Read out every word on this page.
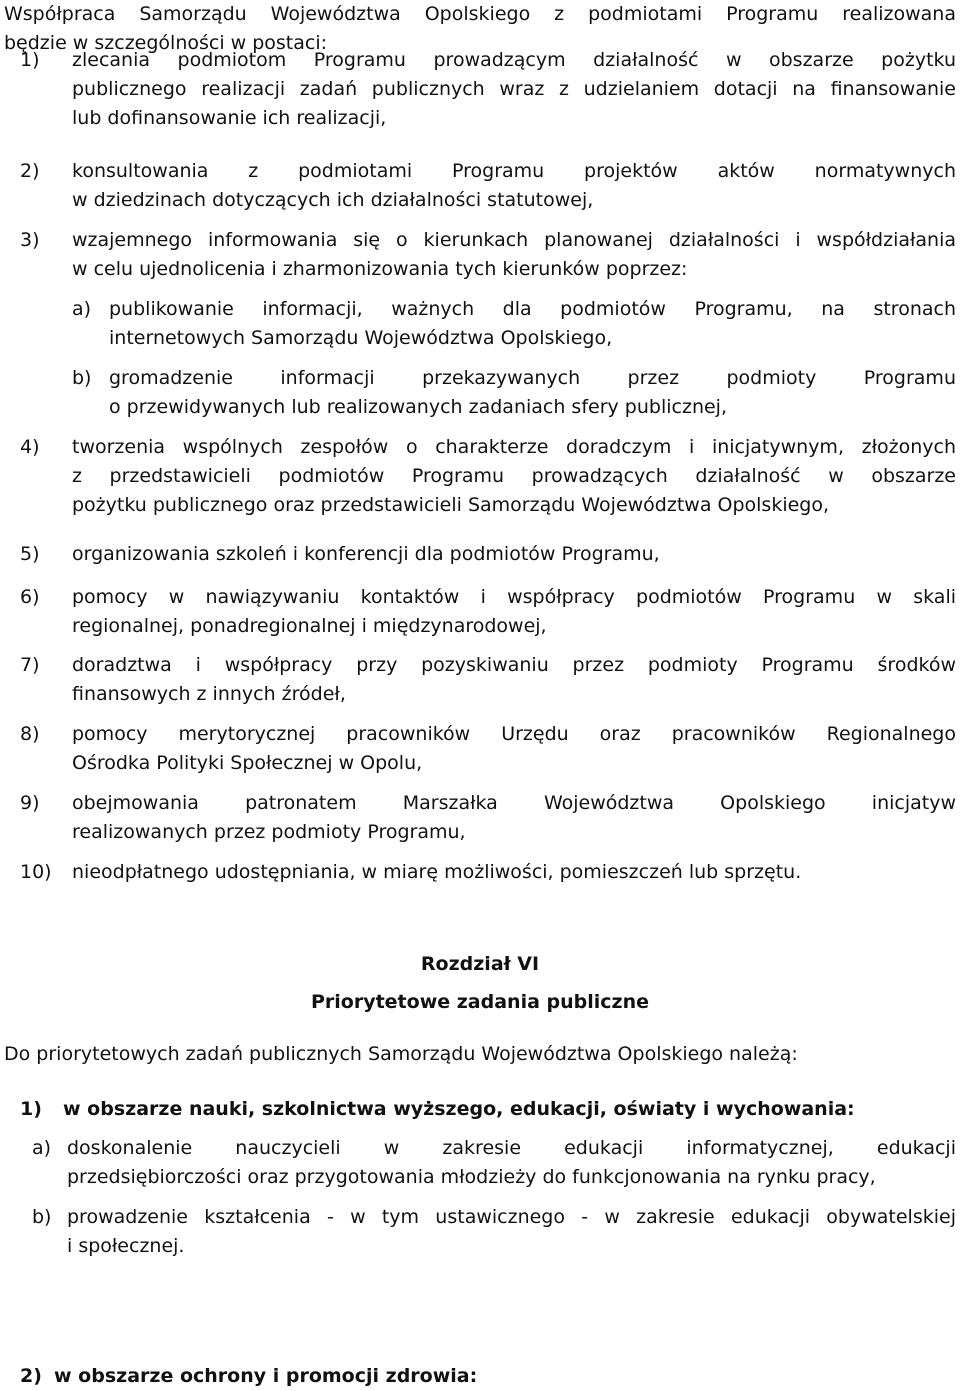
Współpraca Samorządu Województwa Opolskiego z podmiotami Programu realizowana
będzie w szczególności w postaci:
1)	zlecania podmiotom Programu prowadzącym działalność w obszarze pożytku
publicznego realizacji zadań publicznych wraz z udzielaniem dotacji na finansowanie
lub dofinansowanie ich realizacji,
2)	konsultowania z podmiotami Programu projektów aktów normatywnych
w dziedzinach dotyczących ich działalności statutowej,
3)	wzajemnego informowania się o kierunkach planowanej działalności i współdziałania
w celu ujednolicenia i zharmonizowania tych kierunków poprzez:
a) publikowanie informacji, ważnych dla podmiotów Programu, na stronach
internetowych Samorządu Województwa Opolskiego,
b) gromadzenie informacji przekazywanych przez podmioty Programu
o przewidywanych lub realizowanych zadaniach sfery publicznej,
4)	tworzenia wspólnych zespołów o charakterze doradczym i inicjatywnym, złożonych
z przedstawicieli podmiotów Programu prowadzących działalność w obszarze
pożytku publicznego oraz przedstawicieli Samorządu Województwa Opolskiego,
5)	organizowania szkoleń i konferencji dla podmiotów Programu,
6)	pomocy w nawiązywaniu kontaktów i współpracy podmiotów Programu w skali
regionalnej, ponadregionalnej i międzynarodowej,
7)	doradztwa i współpracy przy pozyskiwaniu przez podmioty Programu środków
finansowych z innych źródeł,
8)	pomocy merytorycznej pracowników Urzędu oraz pracowników Regionalnego
Ośrodka Polityki Społecznej w Opolu,
9)	obejmowania patronatem Marszałka Województwa Opolskiego inicjatyw
realizowanych przez podmioty Programu,
10)	nieodpłatnego udostępniania, w miarę możliwości, pomieszczeń lub sprzętu.
Rozdział VI
Priorytetowe zadania publiczne
Do priorytetowych zadań publicznych Samorządu Województwa Opolskiego należą:
1)	w obszarze nauki, szkolnictwa wyższego, edukacji, oświaty i wychowania:
a) doskonalenie nauczycieli w zakresie edukacji informatycznej, edukacji
przedsiębiorczości oraz przygotowania młodzieży do funkcjonowania na rynku pracy,
b) prowadzenie kształcenia - w tym ustawicznego - w zakresie edukacji obywatelskiej
i społecznej.
2) w obszarze ochrony i promocji zdrowia:
